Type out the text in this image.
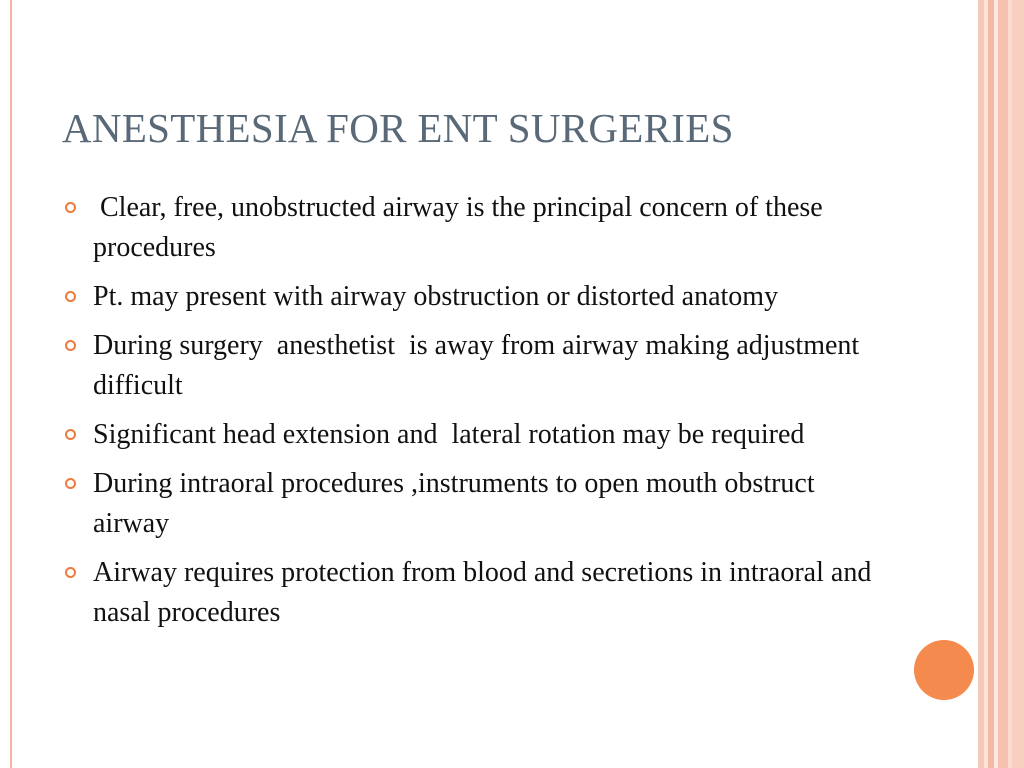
ANESTHESIA FOR ENT SURGERIES
Clear, free, unobstructed airway is the principal concern of these procedures
Pt. may present with airway obstruction or distorted anatomy
During surgery  anesthetist  is away from airway making adjustment difficult
Significant head extension and  lateral rotation may be required
During intraoral procedures ,instruments to open mouth obstruct airway
Airway requires protection from blood and secretions in intraoral and nasal procedures
